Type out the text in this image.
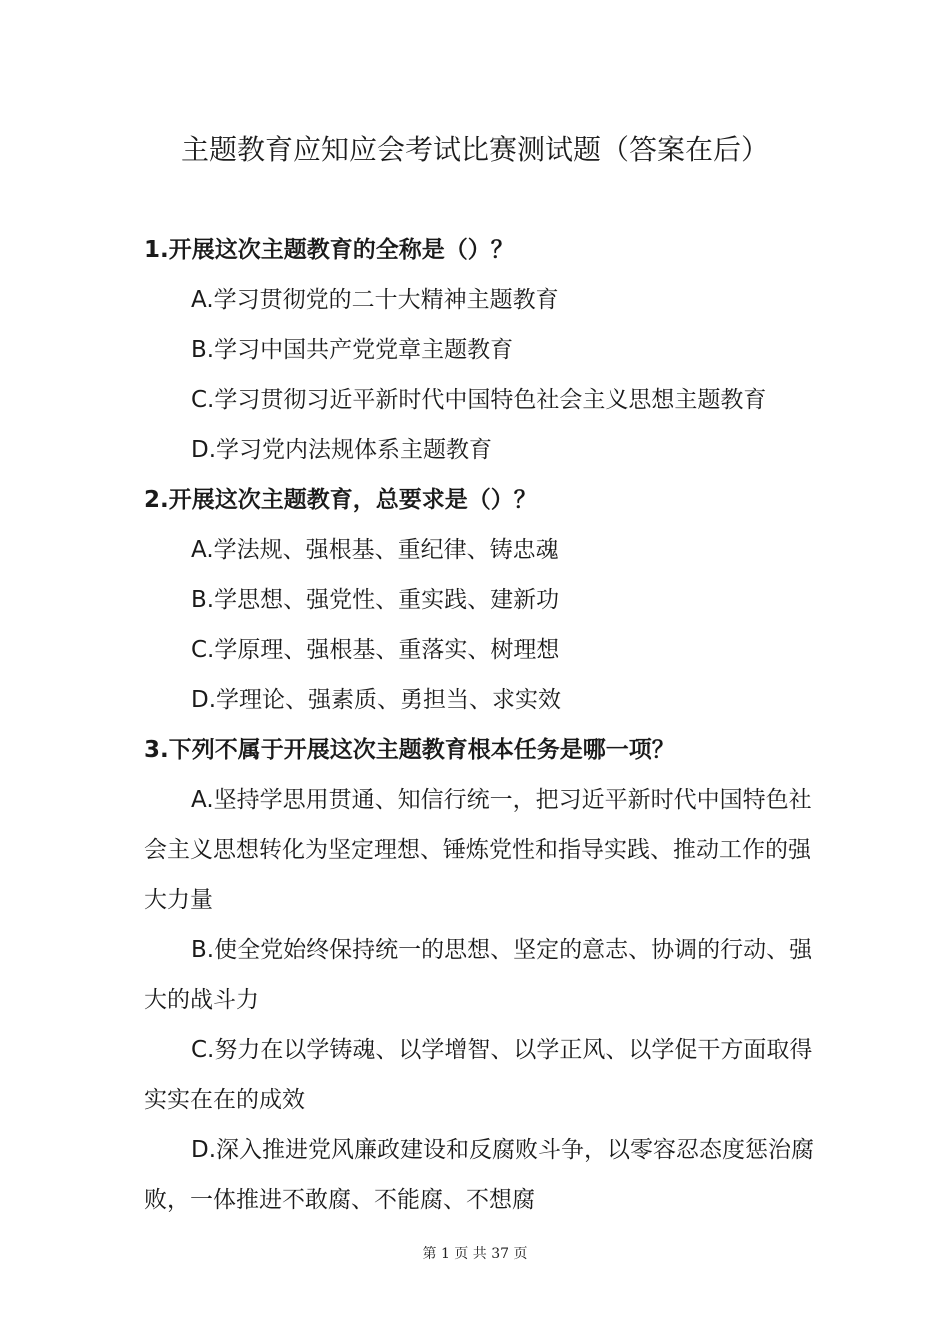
主题教育应知应会考试比赛测试题（答案在后）

1.开展这次主题教育的全称是（）？

A.学习贯彻党的二十大精神主题教育

B.学习中国共产党党章主题教育

C.学习贯彻习近平新时代中国特色社会主义思想主题教育

D.学习党内法规体系主题教育

2.开展这次主题教育，总要求是（）？

A.学法规、强根基、重纪律、铸忠魂

B.学思想、强党性、重实践、建新功

C.学原理、强根基、重落实、树理想

D.学理论、强素质、勇担当、求实效

3.下列不属于开展这次主题教育根本任务是哪一项？

A.坚持学思用贯通、知信行统一，把习近平新时代中国特色社会主义思想转化为坚定理想、锤炼党性和指导实践、推动工作的强大力量

B.使全党始终保持统一的思想、坚定的意志、协调的行动、强大的战斗力

C.努力在以学铸魂、以学增智、以学正风、以学促干方面取得实实在在的成效

D.深入推进党风廉政建设和反腐败斗争，以零容忍态度惩治腐败，一体推进不敢腐、不能腐、不想腐

第 1 页 共 37 页
